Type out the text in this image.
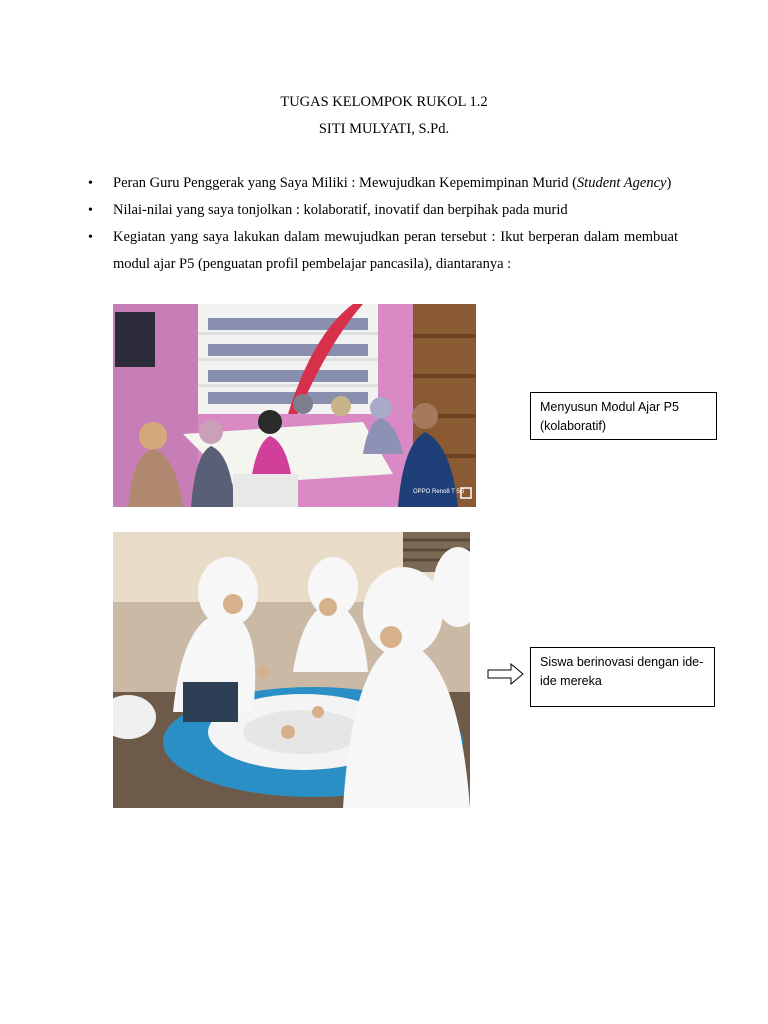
TUGAS KELOMPOK RUKOL 1.2
SITI MULYATI, S.Pd.
• Peran Guru Penggerak yang Saya Miliki : Mewujudkan Kepemimpinan Murid (Student Agency)
• Nilai-nilai yang saya tonjolkan : kolaboratif, inovatif dan berpihak pada murid
• Kegiatan yang saya lakukan dalam mewujudkan peran tersebut : Ikut berperan dalam membuat modul ajar P5 (penguatan profil pembelajar pancasila), diantaranya :
OPPO Reno8 T 5G
Menyusun Modul Ajar P5 (kolaboratif)
Siswa berinovasi dengan ide-ide mereka
